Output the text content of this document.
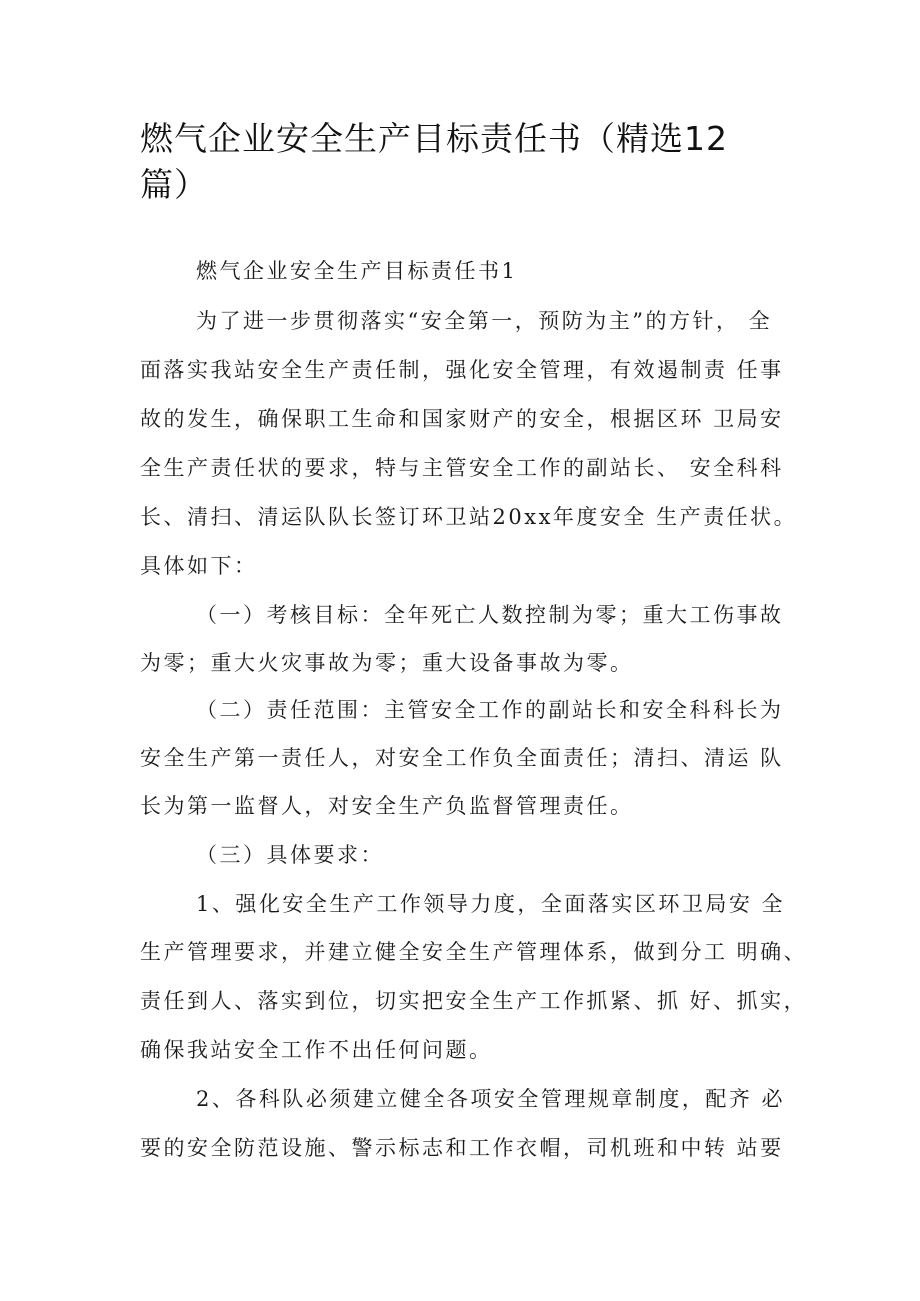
燃气企业安全生产目标责任书（精选12
篇）

燃气企业安全生产目标责任书1

为了进一步贯彻落实“安全第一，预防为主”的方针， 全

面落实我站安全生产责任制，强化安全管理，有效遏制责 任事

故的发生，确保职工生命和国家财产的安全，根据区环 卫局安

全生产责任状的要求，特与主管安全工作的副站长、 安全科科

长、清扫、清运队队长签订环卫站20xx年度安全 生产责任状。

具体如下：

（一）考核目标：全年死亡人数控制为零；重大工伤事故

为零；重大火灾事故为零；重大设备事故为零。

（二）责任范围：主管安全工作的副站长和安全科科长为

安全生产第一责任人，对安全工作负全面责任；清扫、清运 队

长为第一监督人，对安全生产负监督管理责任。

（三）具体要求：

1、强化安全生产工作领导力度，全面落实区环卫局安 全

生产管理要求，并建立健全安全生产管理体系，做到分工 明确、

责任到人、落实到位，切实把安全生产工作抓紧、抓 好、抓实，

确保我站安全工作不出任何问题。

2、各科队必须建立健全各项安全管理规章制度，配齐 必

要的安全防范设施、警示标志和工作衣帽，司机班和中转 站要
